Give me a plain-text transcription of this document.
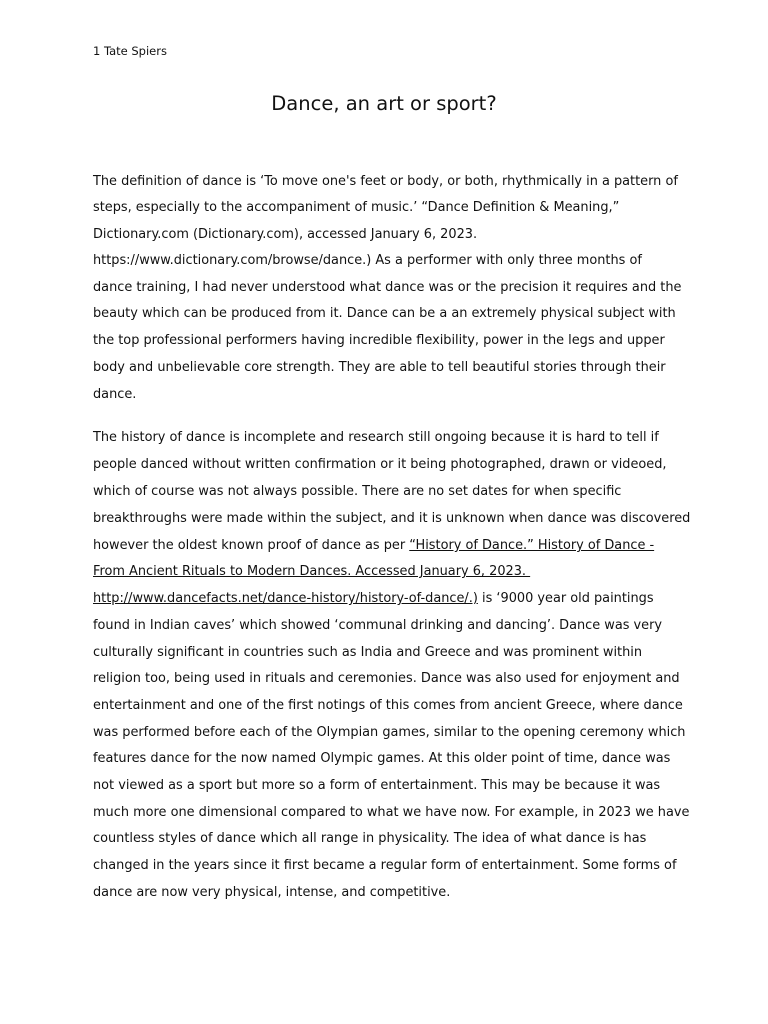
1 Tate Spiers
Dance, an art or sport?
The definition of dance is ‘To move one's feet or body, or both, rhythmically in a pattern of
steps, especially to the accompaniment of music.’ “Dance Definition & Meaning,”
Dictionary.com (Dictionary.com), accessed January 6, 2023.
https://www.dictionary.com/browse/dance.) As a performer with only three months of
dance training, I had never understood what dance was or the precision it requires and the
beauty which can be produced from it. Dance can be a an extremely physical subject with
the top professional performers having incredible flexibility, power in the legs and upper
body and unbelievable core strength. They are able to tell beautiful stories through their
dance.
The history of dance is incomplete and research still ongoing because it is hard to tell if
people danced without written confirmation or it being photographed, drawn or videoed,
which of course was not always possible. There are no set dates for when specific
breakthroughs were made within the subject, and it is unknown when dance was discovered
however the oldest known proof of dance as per “History of Dance.” History of Dance -
From Ancient Rituals to Modern Dances. Accessed January 6, 2023.
http://www.dancefacts.net/dance-history/history-of-dance/.) is ‘9000 year old paintings
found in Indian caves’ which showed ‘communal drinking and dancing’. Dance was very
culturally significant in countries such as India and Greece and was prominent within
religion too, being used in rituals and ceremonies. Dance was also used for enjoyment and
entertainment and one of the first notings of this comes from ancient Greece, where dance
was performed before each of the Olympian games, similar to the opening ceremony which
features dance for the now named Olympic games. At this older point of time, dance was
not viewed as a sport but more so a form of entertainment. This may be because it was
much more one dimensional compared to what we have now. For example, in 2023 we have
countless styles of dance which all range in physicality. The idea of what dance is has
changed in the years since it first became a regular form of entertainment. Some forms of
dance are now very physical, intense, and competitive.
